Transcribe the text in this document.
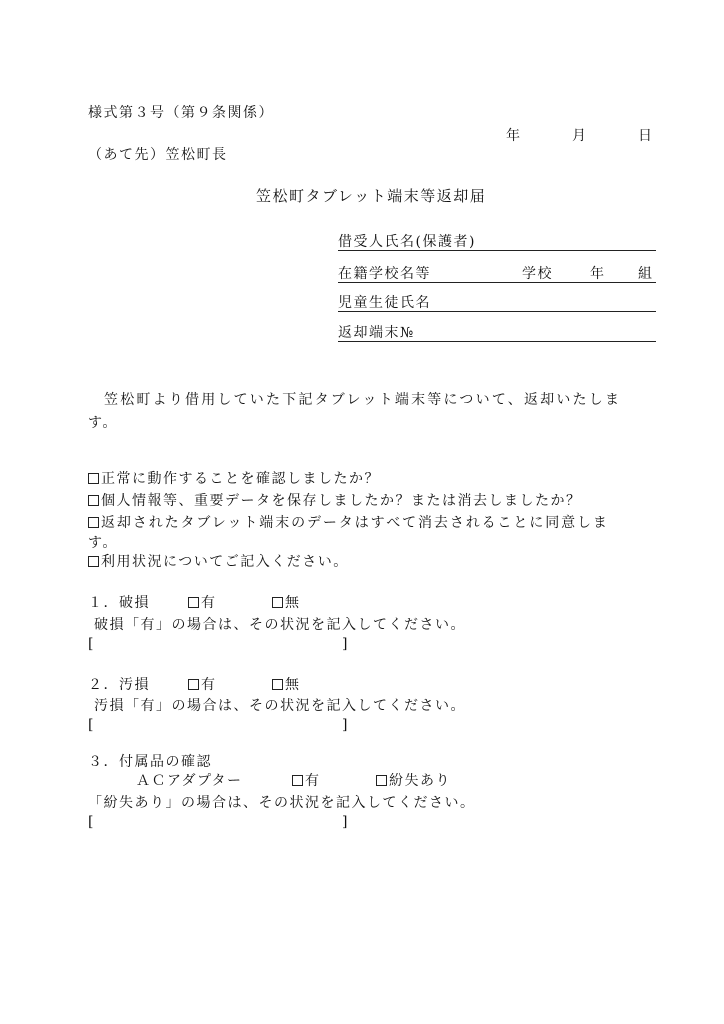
様式第３号（第９条関係）
年	月	日
（あて先）笠松町長
笠松町タブレット端末等返却届
借受人氏名(保護者)
在籍学校名等	学校	年 組
児童生徒氏名
返却端末№
笠松町より借用していた下記タブレット端末等について、返却いたしま
す。
正常に動作することを確認しましたか？
個人情報等、重要データを保存しましたか？または消去しましたか？
返却されたタブレット端末のデータはすべて消去されることに同意しま
す。
利用状況についてご記入ください。
１．破損	有	無
破損「有」の場合は、その状況を記入してください。
[	]
２．汚損	有	無
汚損「有」の場合は、その状況を記入してください。
[	]
３．付属品の確認
ＡＣアダプター	有	紛失あり
「紛失あり」の場合は、その状況を記入してください。
[	]
